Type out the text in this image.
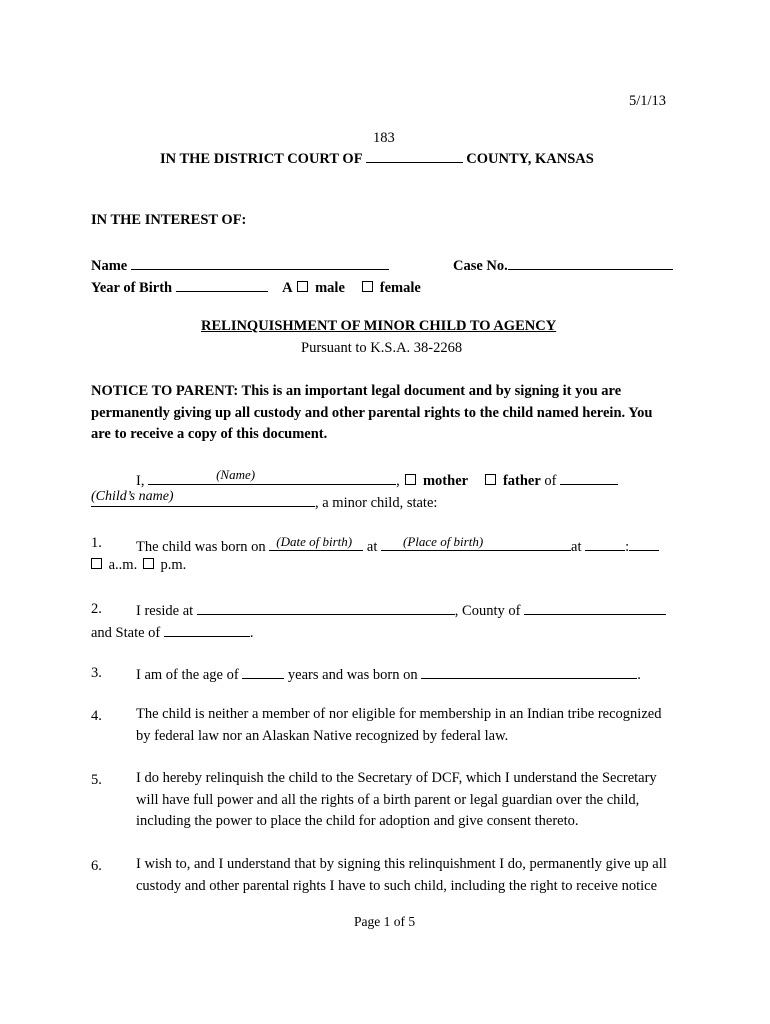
5/1/13
183
IN THE DISTRICT COURT OF	COUNTY, KANSAS
IN THE INTEREST OF:
Name	Case No.
Year of Birth	A male female
RELINQUISHMENT OF MINOR CHILD TO AGENCY
Pursuant to K.S.A. 38-2268
NOTICE TO PARENT: This is an important legal document and by signing it you are
permanently giving up all custody and other parental rights to the child named herein. You
are to receive a copy of this document.
I,	(Name)	, mother father of
(Child’s name)	, a minor child, state:
1. The child was born on (Date of birth) at (Place of birth)	at	:
a..m. p.m.
2. I reside at	, County of
and State of	.
3. I am of the age of	years and was born on	.
4. The child is neither a member of nor eligible for membership in an Indian tribe recognized
by federal law nor an Alaskan Native recognized by federal law.
5. I do hereby relinquish the child to the Secretary of DCF, which I understand the Secretary
will have full power and all the rights of a birth parent or legal guardian over the child,
including the power to place the child for adoption and give consent thereto.
6. I wish to, and I understand that by signing this relinquishment I do, permanently give up all
custody and other parental rights I have to such child, including the right to receive notice
Page 1 of 5
